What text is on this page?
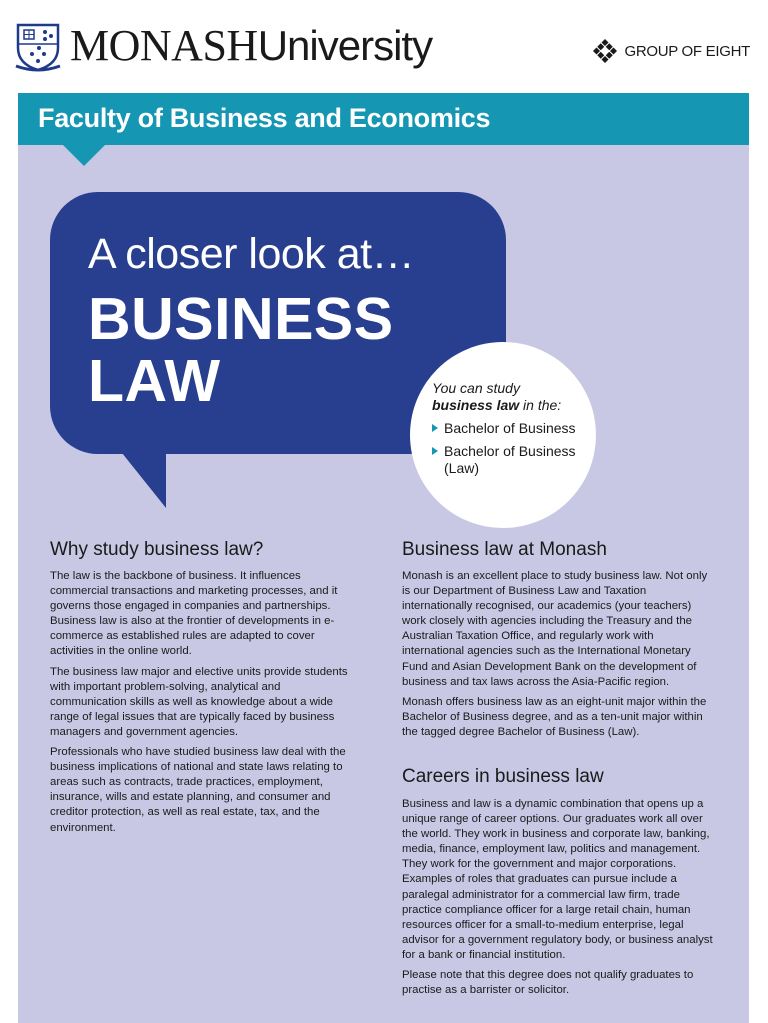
MONASHUniversity	GROUP OF EIGHT
Faculty of Business and Economics
A closer look at…
BUSINESS
LAW	You can study
business law in the:
Bachelor of Business
Bachelor of Business (Law)
Why study business law?

The law is the backbone of business. It influences commercial transactions and marketing processes, and it governs those engaged in companies and partnerships. Business law is also at the frontier of developments in e-commerce as established rules are adapted to cover activities in the online world.

The business law major and elective units provide students with important problem-solving, analytical and communication skills as well as knowledge about a wide range of legal issues that are typically faced by business managers and government agencies.

Professionals who have studied business law deal with the business implications of national and state laws relating to areas such as contracts, trade practices, employment, insurance, wills and estate planning, and consumer and creditor protection, as well as real estate, tax, and the environment.

Business law at Monash

Monash is an excellent place to study business law. Not only is our Department of Business Law and Taxation internationally recognised, our academics (your teachers) work closely with agencies including the Treasury and the Australian Taxation Office, and regularly work with international agencies such as the International Monetary Fund and Asian Development Bank on the development of business and tax laws across the Asia-Pacific region.

Monash offers business law as an eight-unit major within the Bachelor of Business degree, and as a ten-unit major within the tagged degree Bachelor of Business (Law).

Careers in business law

Business and law is a dynamic combination that opens up a unique range of career options. Our graduates work all over the world. They work in business and corporate law, banking, media, finance, employment law, politics and management. They work for the government and major corporations. Examples of roles that graduates can pursue include a paralegal administrator for a commercial law firm, trade practice compliance officer for a large retail chain, human resources officer for a small-to-medium enterprise, legal advisor for a government regulatory body, or business analyst for a bank or financial institution.

Please note that this degree does not qualify graduates to practise as a barrister or solicitor.
